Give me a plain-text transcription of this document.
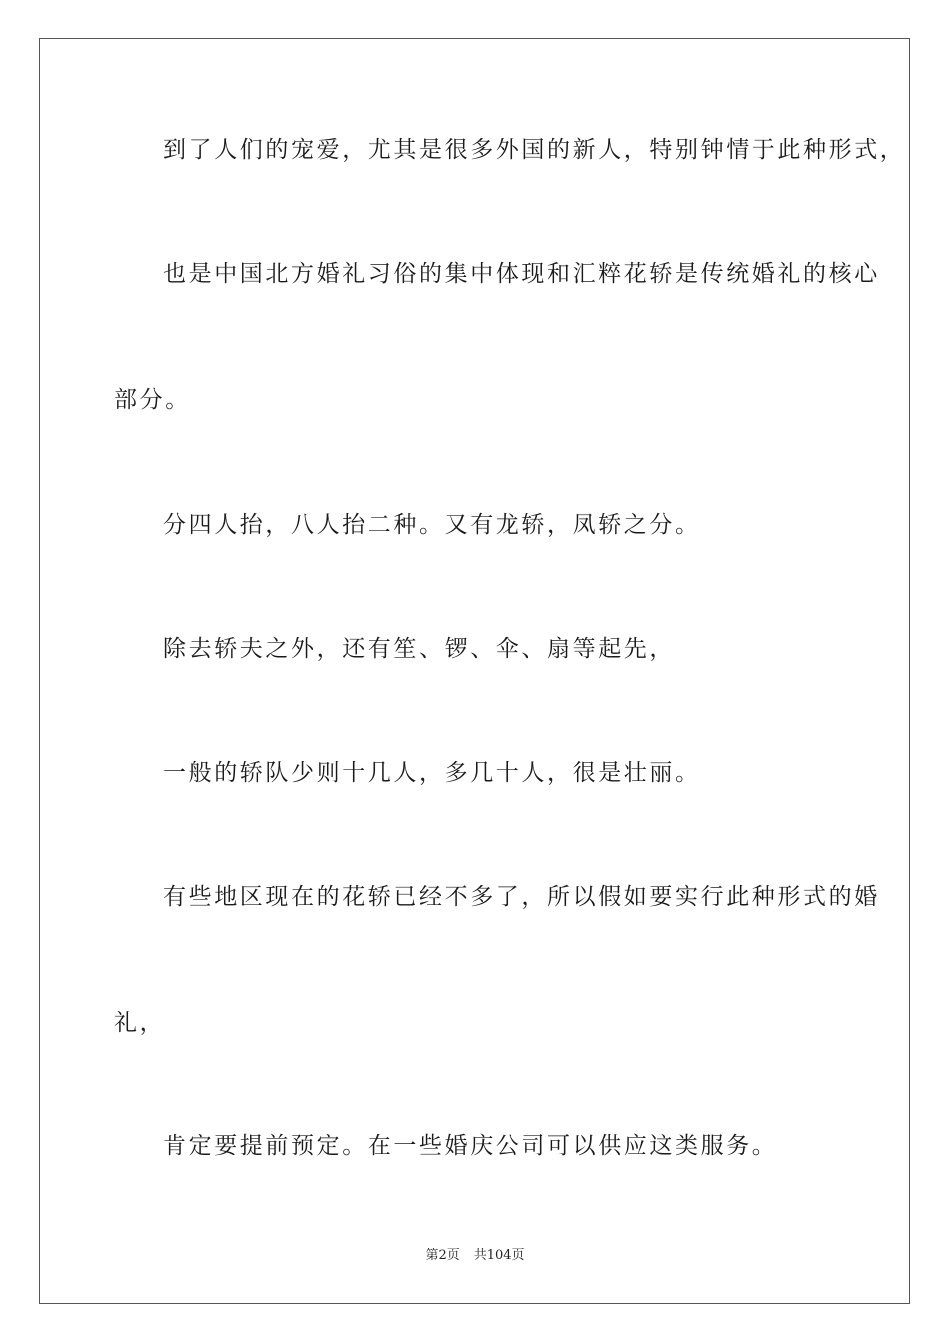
到了人们的宠爱，尤其是很多外国的新人，特别钟情于此种形式，
也是中国北方婚礼习俗的集中体现和汇粹花轿是传统婚礼的核心
部分。
分四人抬，八人抬二种。又有龙轿，凤轿之分。
除去轿夫之外，还有笙、锣、伞、扇等起先，
一般的轿队少则十几人，多几十人，很是壮丽。
有些地区现在的花轿已经不多了，所以假如要实行此种形式的婚
礼，
肯定要提前预定。在一些婚庆公司可以供应这类服务。
第2页 共104页
